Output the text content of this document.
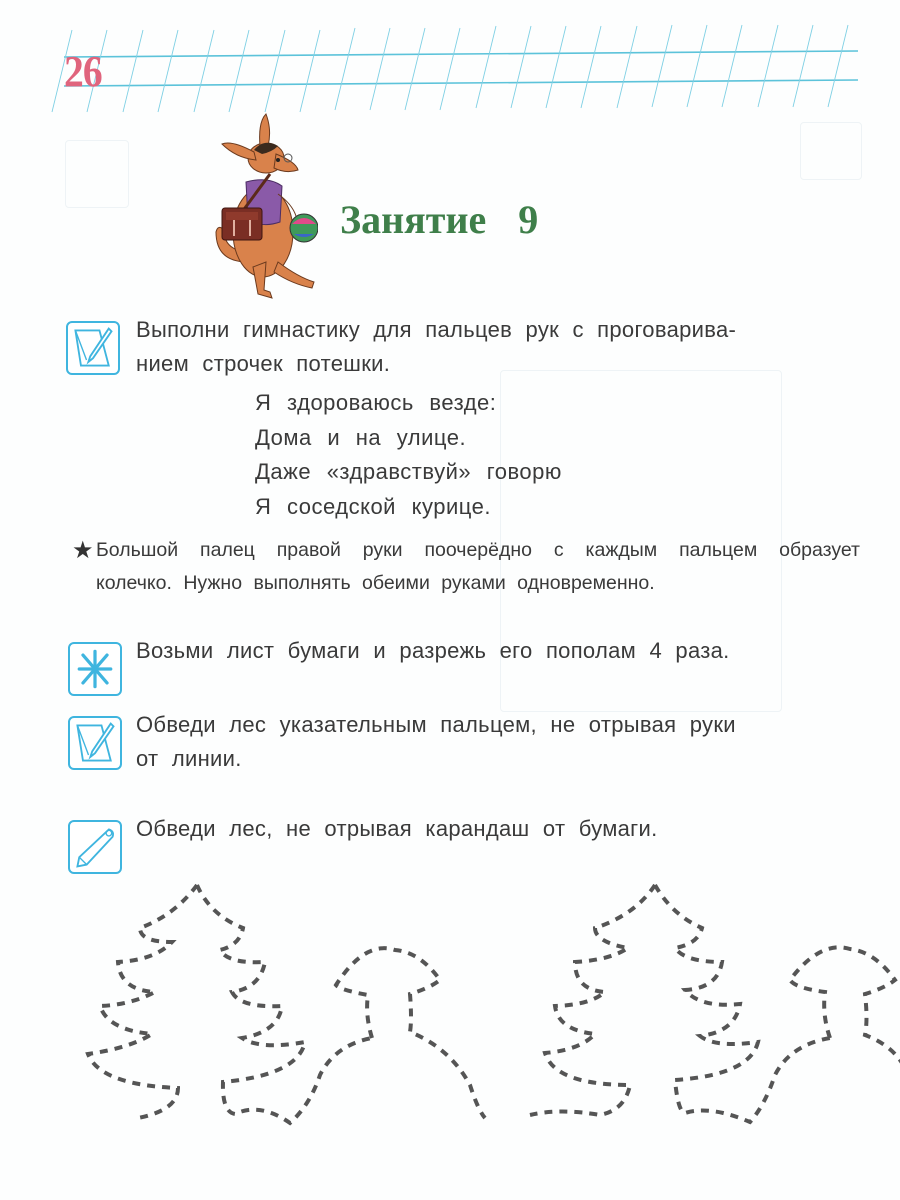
26
Занятие 9
Выполни гимнастику для пальцев рук с проговарива-
нием строчек потешки.
Я здороваюсь везде:
Дома и на улице.
Даже «здравствуй» говорю
Я соседской курице.
★ Большой палец правой руки поочерёдно с каждым пальцем образует колечко. Нужно выполнять обеими руками одновременно.
Возьми лист бумаги и разрежь его пополам 4 раза.
Обведи лес указательным пальцем, не отрывая руки
от линии.
Обведи лес, не отрывая карандаш от бумаги.
